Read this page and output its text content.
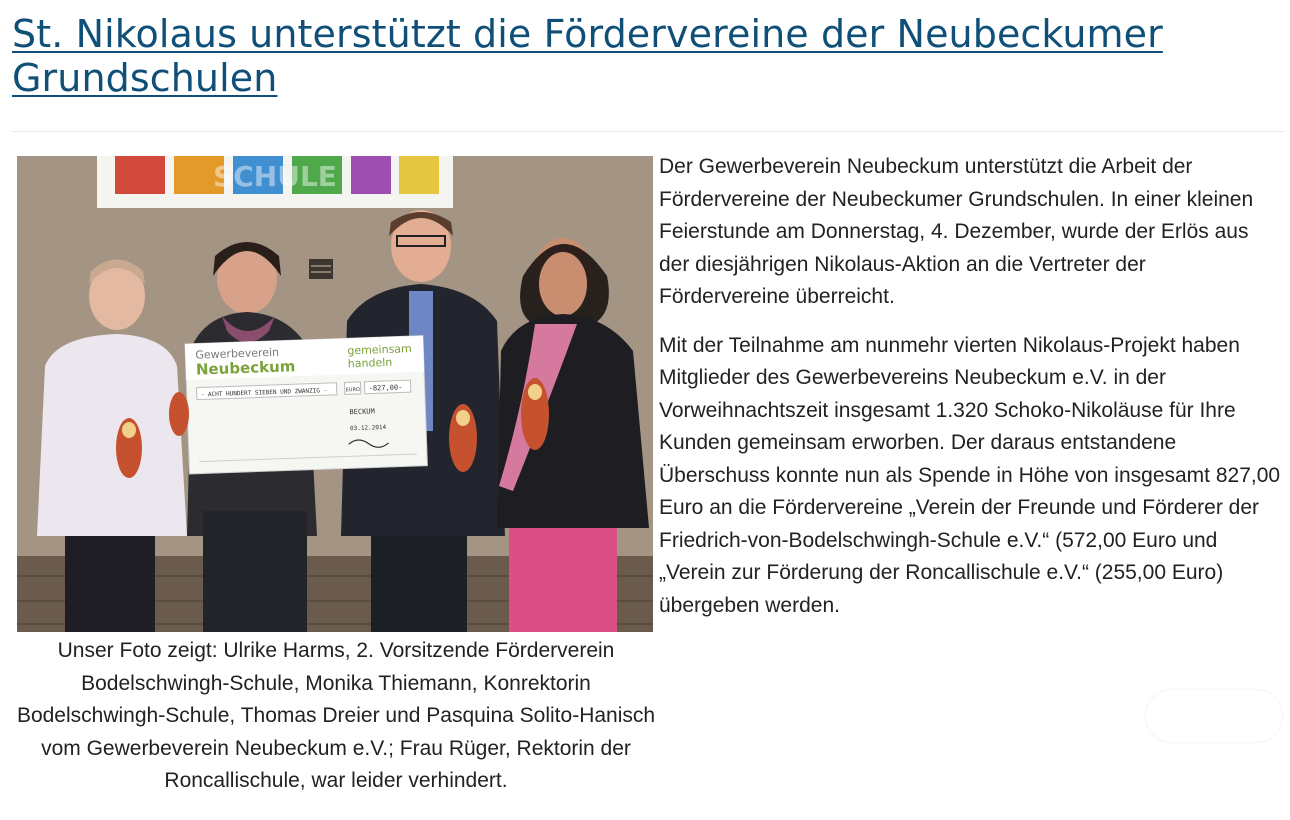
St. Nikolaus unterstützt die Fördervereine der Neubeckumer Grundschulen
SCHULE
Gewerbeverein
Neubeckum
gemeinsam
handeln
- ACHT HUNDERT SIEBEN UND ZWANZIG -	EURO -827,00-
BECKUM
03.12.2014
Unser Foto zeigt: Ulrike Harms, 2. Vorsitzende Förderverein Bodelschwingh-Schule, Monika Thiemann, Konrektorin Bodelschwingh-Schule, Thomas Dreier und Pasquina Solito-Hanisch vom Gewerbeverein Neubeckum e.V.; Frau Rüger, Rektorin der Roncallischule, war leider verhindert.

Der Gewerbeverein Neubeckum unterstützt die Arbeit der Fördervereine der Neubeckumer Grundschulen. In einer kleinen Feierstunde am Donnerstag, 4. Dezember, wurde der Erlös aus der diesjährigen Nikolaus-Aktion an die Vertreter der Fördervereine überreicht.

Mit der Teilnahme am nunmehr vierten Nikolaus-Projekt haben Mitglieder des Gewerbevereins Neubeckum e.V. in der Vorweihnachtszeit insgesamt 1.320 Schoko-Nikoläuse für Ihre Kunden gemeinsam erworben. Der daraus entstandene Überschuss konnte nun als Spende in Höhe von insgesamt 827,00 Euro an die Fördervereine „Verein der Freunde und Förderer der Friedrich-von-Bodelschwingh-Schule e.V.“ (572,00 Euro und „Verein zur Förderung der Roncallischule e.V.“ (255,00 Euro) übergeben werden.
